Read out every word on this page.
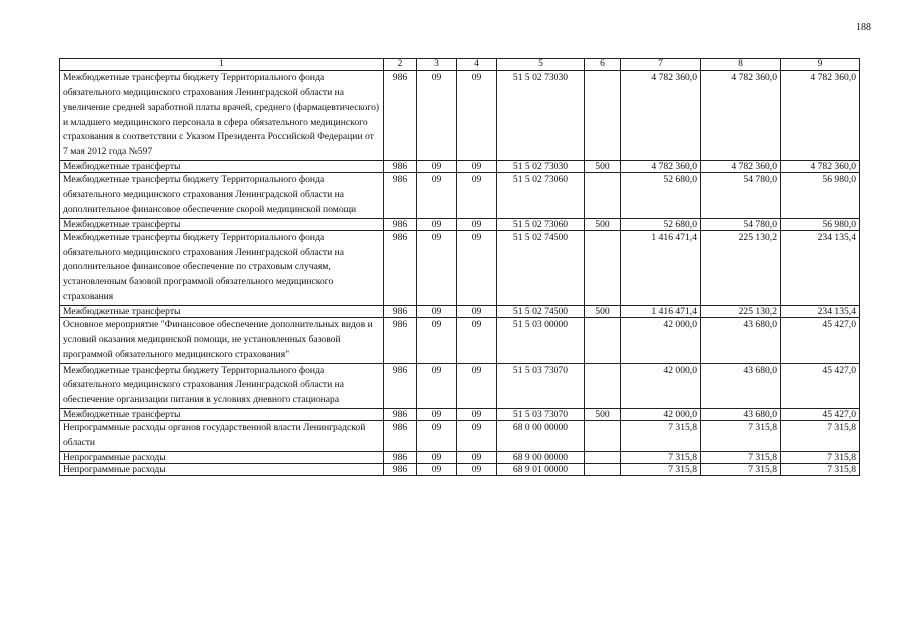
188
1	2	3	4	5	6	7	8	9
Межбюджетные трансферты бюджету Территориального фонда обязательного медицинского страхования Ленинградской области на увеличение средней заработной платы врачей, среднего (фармацевтического) и младшего медицинского персонала в сфера обязательного медицинского страхования в соответствии с Указом Президента Российской Федерации от 7 мая 2012 года №597	986	09	09	51 5 02 73030		4 782 360,0	4 782 360,0	4 782 360,0
Межбюджетные трансферты	986	09	09	51 5 02 73030	500	4 782 360,0	4 782 360,0	4 782 360,0
Межбюджетные трансферты бюджету Территориального фонда обязательного медицинского страхования Ленинградской области на дополнительное финансовое обеспечение скорой медицинской помощи	986	09	09	51 5 02 73060		52 680,0	54 780,0	56 980,0
Межбюджетные трансферты	986	09	09	51 5 02 73060	500	52 680,0	54 780,0	56 980,0
Межбюджетные трансферты бюджету Территориального фонда обязательного медицинского страхования Ленинградской области на дополнительное финансовое обеспечение по страховым случаям, установленным базовой программой обязательного медицинского страхования	986	09	09	51 5 02 74500		1 416 471,4	225 130,2	234 135,4
Межбюджетные трансферты	986	09	09	51 5 02 74500	500	1 416 471,4	225 130,2	234 135,4
Основное мероприятие "Финансовое обеспечение дополнительных видов и условий оказания медицинской помощи, не установленных базовой программой обязательного медицинского страхования"	986	09	09	51 5 03 00000		42 000,0	43 680,0	45 427,0
Межбюджетные трансферты бюджету Территориального фонда обязательного медицинского страхования Ленинградской области на обеспечение организации питания в условиях дневного стационара	986	09	09	51 5 03 73070		42 000,0	43 680,0	45 427,0
Межбюджетные трансферты	986	09	09	51 5 03 73070	500	42 000,0	43 680,0	45 427,0
Непрограммные расходы органов государственной власти Ленинградской области	986	09	09	68 0 00 00000		7 315,8	7 315,8	7 315,8
Непрограммные расходы	986	09	09	68 9 00 00000		7 315,8	7 315,8	7 315,8
Непрограммные расходы	986	09	09	68 9 01 00000		7 315,8	7 315,8	7 315,8
